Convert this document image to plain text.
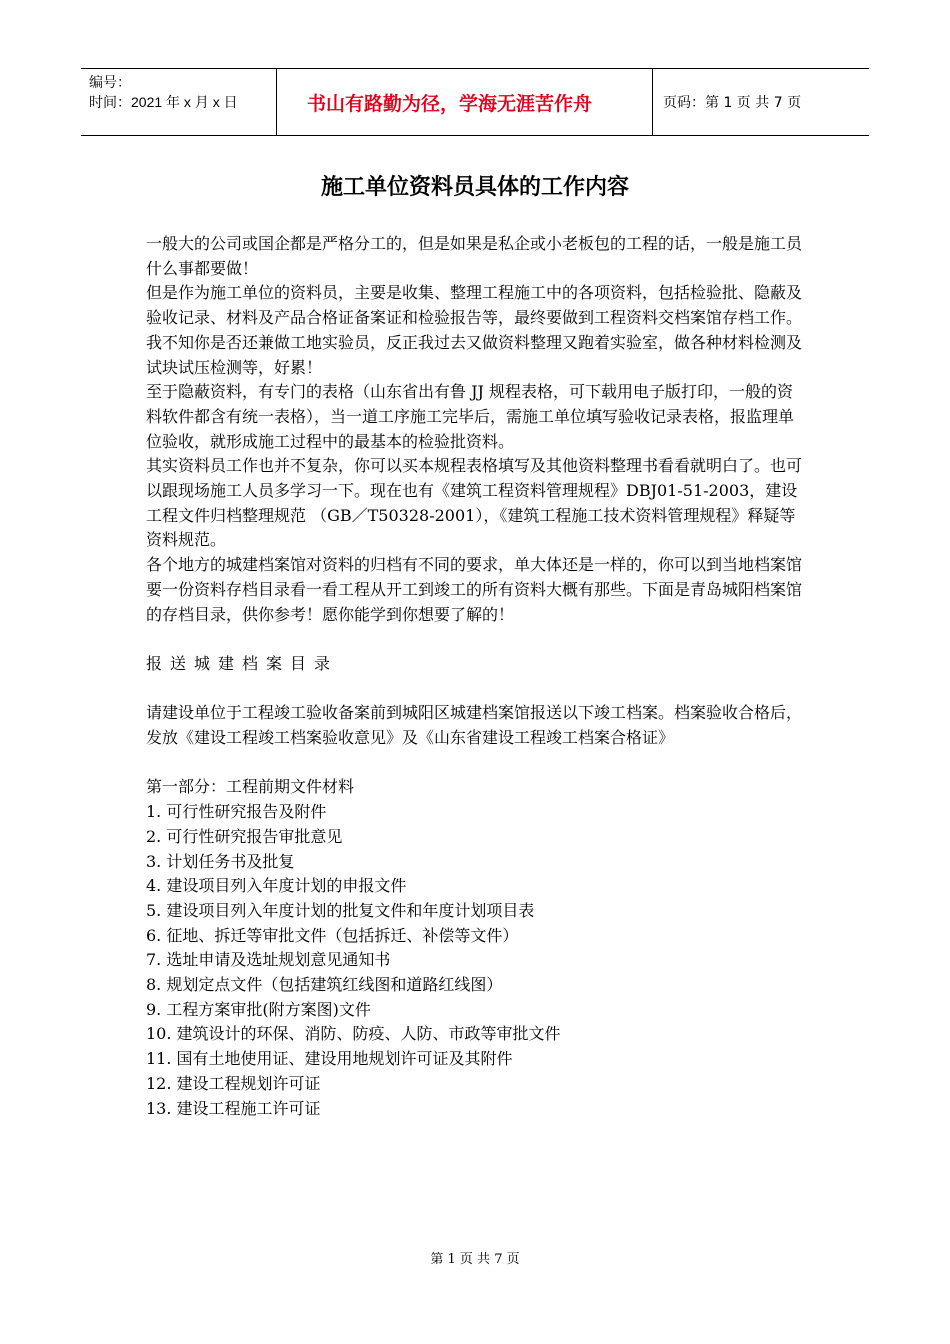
编号：
时间：2021 年 x 月 x 日	书山有路勤为径，学海无涯苦作舟	页码：第 1 页 共 7 页
施工单位资料员具体的工作内容

一般大的公司或国企都是严格分工的，但是如果是私企或小老板包的工程的话，一般是施工员什么事都要做！

但是作为施工单位的资料员，主要是收集、整理工程施工中的各项资料，包括检验批、隐蔽及验收记录、材料及产品合格证备案证和检验报告等，最终要做到工程资料交档案馆存档工作。

我不知你是否还兼做工地实验员，反正我过去又做资料整理又跑着实验室，做各种材料检测及试块试压检测等，好累！

至于隐蔽资料，有专门的表格（山东省出有鲁 JJ 规程表格，可下载用电子版打印，一般的资料软件都含有统一表格），当一道工序施工完毕后，需施工单位填写验收记录表格，报监理单位验收，就形成施工过程中的最基本的检验批资料。

其实资料员工作也并不复杂，你可以买本规程表格填写及其他资料整理书看看就明白了。也可以跟现场施工人员多学习一下。现在也有《建筑工程资料管理规程》DBJ01-51-2003，建设工程文件归档整理规范 （GB／T50328-2001），《建筑工程施工技术资料管理规程》释疑等资料规范。

各个地方的城建档案馆对资料的归档有不同的要求，单大体还是一样的，你可以到当地档案馆要一份资料存档目录看一看工程从开工到竣工的所有资料大概有那些。下面是青岛城阳档案馆的存档目录，供你参考！愿你能学到你想要了解的！

报送城建档案目录

请建设单位于工程竣工验收备案前到城阳区城建档案馆报送以下竣工档案。档案验收合格后，发放《建设工程竣工档案验收意见》及《山东省建设工程竣工档案合格证》

第一部分：工程前期文件材料

1. 可行性研究报告及附件

2. 可行性研究报告审批意见

3. 计划任务书及批复

4. 建设项目列入年度计划的申报文件

5. 建设项目列入年度计划的批复文件和年度计划项目表

6. 征地、拆迁等审批文件（包括拆迁、补偿等文件）

7. 选址申请及选址规划意见通知书

8. 规划定点文件（包括建筑红线图和道路红线图）

9. 工程方案审批(附方案图)文件

10. 建筑设计的环保、消防、防疫、人防、市政等审批文件

11. 国有土地使用证、建设用地规划许可证及其附件

12. 建设工程规划许可证

13. 建设工程施工许可证

第 1 页 共 7 页
